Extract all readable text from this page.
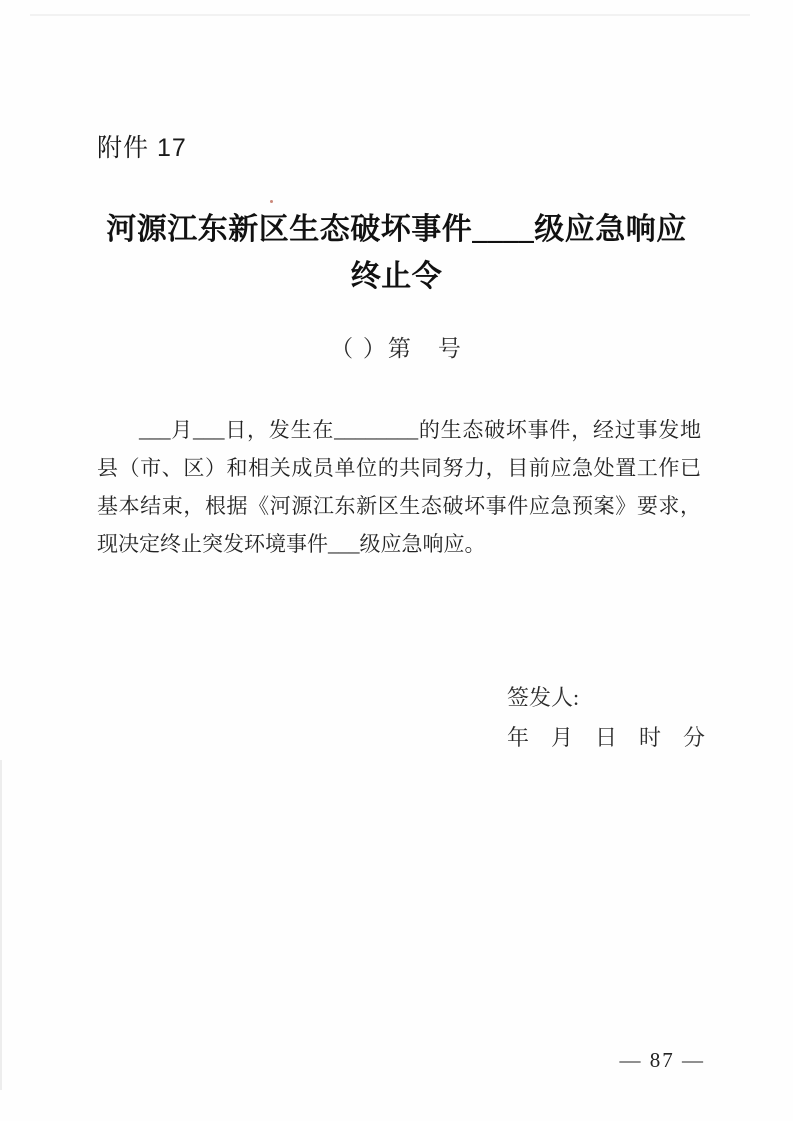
附件 17
河源江东新区生态破坏事件____级应急响应
终止令
（ ）第　号
___月___日，发生在________的生态破坏事件，经过事发地
县（市、区）和相关成员单位的共同努力，目前应急处置工作已
基本结束，根据《河源江东新区生态破坏事件应急预案》要求，
现决定终止突发环境事件___级应急响应。
签发人:
年　月　日　时　分
— 87 —
